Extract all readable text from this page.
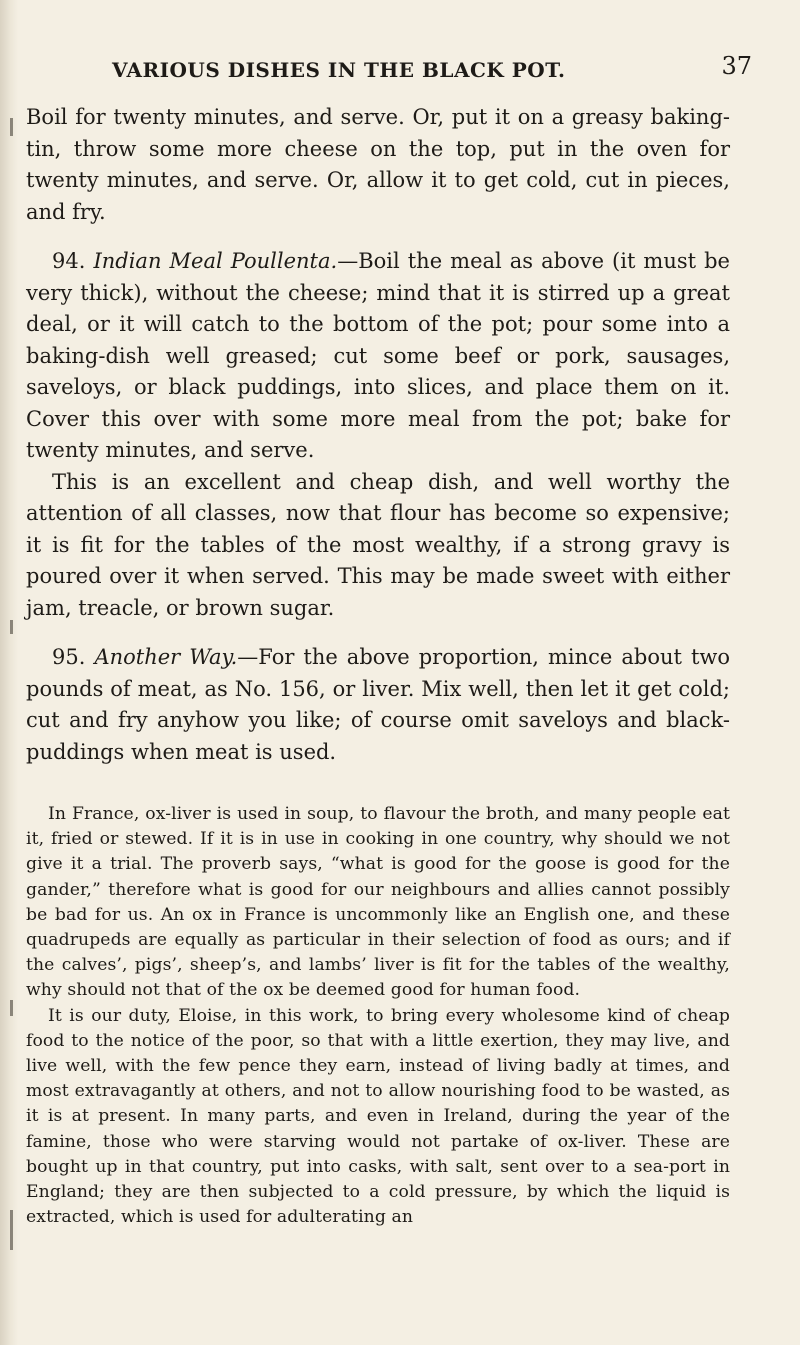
VARIOUS DISHES IN THE BLACK POT.	37

Boil for twenty minutes, and serve. Or, put it on a greasy baking-tin, throw some more cheese on the top, put in the oven for twenty minutes, and serve. Or, allow it to get cold, cut in pieces, and fry.

94. Indian Meal Poullenta.—Boil the meal as above (it must be very thick), without the cheese; mind that it is stirred up a great deal, or it will catch to the bottom of the pot; pour some into a baking-dish well greased; cut some beef or pork, sausages, saveloys, or black puddings, into slices, and place them on it. Cover this over with some more meal from the pot; bake for twenty minutes, and serve.

This is an excellent and cheap dish, and well worthy the attention of all classes, now that flour has become so expensive; it is fit for the tables of the most wealthy, if a strong gravy is poured over it when served. This may be made sweet with either jam, treacle, or brown sugar.

95. Another Way.—For the above proportion, mince about two pounds of meat, as No. 156, or liver. Mix well, then let it get cold; cut and fry anyhow you like; of course omit saveloys and black-puddings when meat is used.

In France, ox-liver is used in soup, to flavour the broth, and many people eat it, fried or stewed. If it is in use in cooking in one country, why should we not give it a trial. The proverb says, “what is good for the goose is good for the gander,” therefore what is good for our neighbours and allies cannot possibly be bad for us. An ox in France is uncommonly like an English one, and these quadrupeds are equally as particular in their selection of food as ours; and if the calves’, pigs’, sheep’s, and lambs’ liver is fit for the tables of the wealthy, why should not that of the ox be deemed good for human food.

It is our duty, Eloise, in this work, to bring every wholesome kind of cheap food to the notice of the poor, so that with a little exertion, they may live, and live well, with the few pence they earn, instead of living badly at times, and most extravagantly at others, and not to allow nourishing food to be wasted, as it is at present. In many parts, and even in Ireland, during the year of the famine, those who were starving would not partake of ox-liver. These are bought up in that country, put into casks, with salt, sent over to a sea-port in England; they are then subjected to a cold pressure, by which the liquid is extracted, which is used for adulterating an
